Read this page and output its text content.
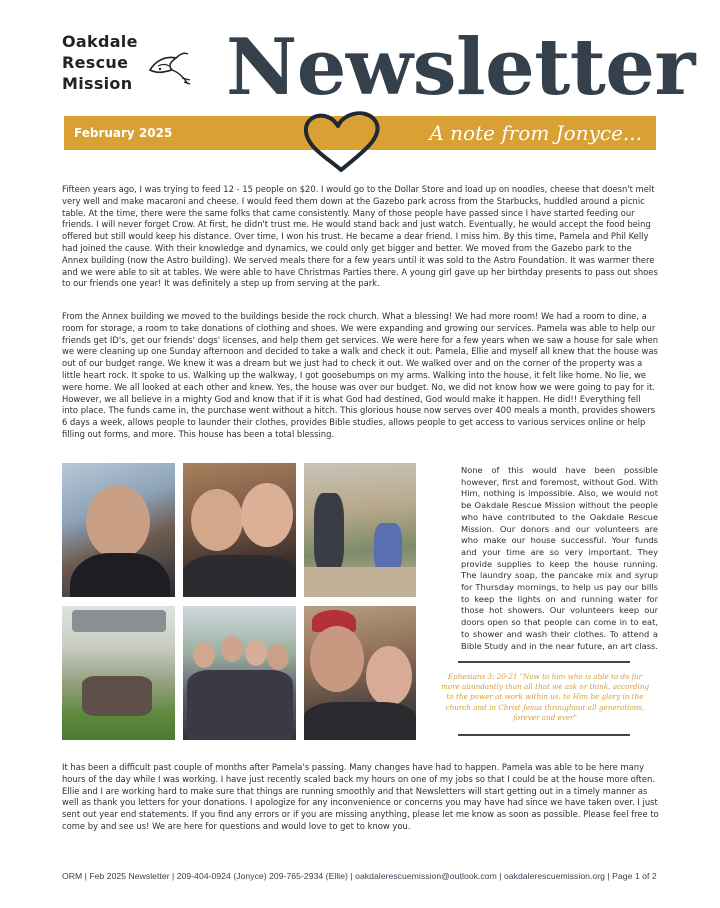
Oakdale
Rescue
Mission Newsletter
February 2025	A note from Jonyce...
Fifteen years ago, I was trying to feed 12 - 15 people on $20. I would go to the Dollar Store and load up on noodles, cheese that doesn't melt very well and make macaroni and cheese. I would feed them down at the Gazebo park across from the Starbucks, huddled around a picnic table. At the time, there were the same folks that came consistently. Many of those people have passed since I have started feeding our friends. I will never forget Crow. At first, he didn't trust me. He would stand back and just watch. Eventually, he would accept the food being offered but still would keep his distance. Over time, I won his trust. He became a dear friend. I miss him. By this time, Pamela and Phil Kelly had joined the cause. With their knowledge and dynamics, we could only get bigger and better. We moved from the Gazebo park to the Annex building (now the Astro building). We served meals there for a few years until it was sold to the Astro Foundation. It was warmer there and we were able to sit at tables. We were able to have Christmas Parties there. A young girl gave up her birthday presents to pass out shoes to our friends one year! It was definitely a step up from serving at the park.
From the Annex building we moved to the buildings beside the rock church. What a blessing! We had more room! We had a room to dine, a room for storage, a room to take donations of clothing and shoes. We were expanding and growing our services. Pamela was able to help our friends get ID's, get our friends' dogs' licenses, and help them get services. We were here for a few years when we saw a house for sale when we were cleaning up one Sunday afternoon and decided to take a walk and check it out. Pamela, Ellie and myself all knew that the house was out of our budget range. We knew it was a dream but we just had to check it out. We walked over and on the corner of the property was a little heart rock. It spoke to us. Walking up the walkway, I got goosebumps on my arms. Walking into the house, it felt like home. No lie, we were home. We all looked at each other and knew. Yes, the house was over our budget. No, we did not know how we were going to pay for it. However, we all believe in a mighty God and know that if it is what God had destined, God would make it happen. He did!! Everything fell into place. The funds came in, the purchase went without a hitch. This glorious house now serves over 400 meals a month, provides showers 6 days a week, allows people to launder their clothes, provides Bible studies, allows people to get access to various services online or help filling out forms, and more. This house has been a total blessing.
None of this would have been possible however, first and foremost, without God. With Him, nothing is impossible. Also, we would not be Oakdale Rescue Mission without the people who have contributed to the Oakdale Rescue Mission. Our donors and our volunteers are who make our house successful. Your funds and your time are so very important. They provide supplies to keep the house running. The laundry soap, the pancake mix and syrup for Thursday mornings, to help us pay our bills to keep the lights on and running water for those hot showers. Our volunteers keep our doors open so that people can come in to eat, to shower and wash their clothes. To attend a Bible Study and in the near future, an art class.
Ephesians 3: 20-21 "Now to him who is able to do far more abundantly than all that we ask or think, according to the power at work within us, to Him be glory in the church and in Christ Jesus throughout all generations, forever and ever"
It has been a difficult past couple of months after Pamela's passing. Many changes have had to happen. Pamela was able to be here many hours of the day while I was working. I have just recently scaled back my hours on one of my jobs so that I could be at the house more often. Ellie and I are working hard to make sure that things are running smoothly and that Newsletters will start getting out in a timely manner as well as thank you letters for your donations. I apologize for any inconvenience or concerns you may have had since we have taken over. I just sent out year end statements. If you find any errors or if you are missing anything, please let me know as soon as possible. Please feel free to come by and see us! We are here for questions and would love to get to know you.
ORM | Feb 2025 Newsletter | 209-404-0924 (Jonyce) 209-765-2934 (Ellie) | oakdalerescuemission@outlook.com | oakdalerescuemission.org | Page 1 of 2
